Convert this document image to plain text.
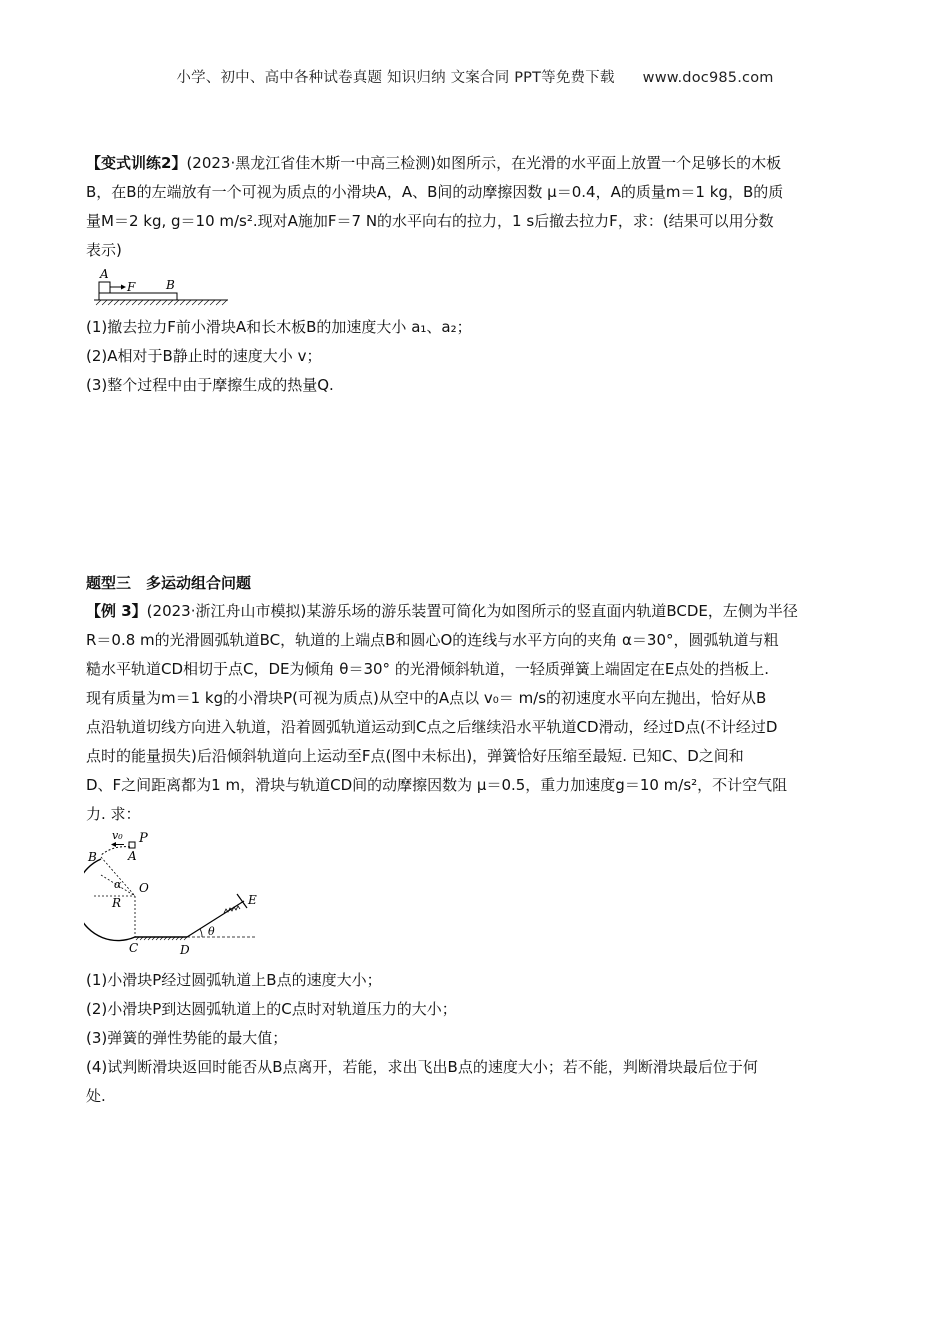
小学、初中、高中各种试卷真题 知识归纳 文案合同 PPT等免费下载 www.doc985.com
【变式训练2】(2023·黑龙江省佳木斯一中高三检测)如图所示，在光滑的水平面上放置一个足够长的木板
B，在B的左端放有一个可视为质点的小滑块A，A、B间的动摩擦因数 μ＝0.4，A的质量m＝1 kg，B的质
量M＝2 kg, g＝10 m/s².现对A施加F＝7 N的水平向右的拉力，1 s后撤去拉力F，求：(结果可以用分数
表示)
A
F	B
(1)撤去拉力F前小滑块A和长木板B的加速度大小 a₁、a₂；
(2)A相对于B静止时的速度大小 v；
(3)整个过程中由于摩擦生成的热量Q.
题型三　多运动组合问题
【例 3】(2023·浙江舟山市模拟)某游乐场的游乐装置可简化为如图所示的竖直面内轨道BCDE，左侧为半径
R＝0.8 m的光滑圆弧轨道BC，轨道的上端点B和圆心O的连线与水平方向的夹角 α＝30°，圆弧轨道与粗
糙水平轨道CD相切于点C，DE为倾角 θ＝30° 的光滑倾斜轨道，一轻质弹簧上端固定在E点处的挡板上.
现有质量为m＝1 kg的小滑块P(可视为质点)从空中的A点以 v₀＝ m/s的初速度水平向左抛出，恰好从B
点沿轨道切线方向进入轨道，沿着圆弧轨道运动到C点之后继续沿水平轨道CD滑动，经过D点(不计经过D
点时的能量损失)后沿倾斜轨道向上运动至F点(图中未标出)，弹簧恰好压缩至最短. 已知C、D之间和
D、F之间距离都为1 m，滑块与轨道CD间的动摩擦因数为 μ＝0.5，重力加速度g＝10 m/s²，不计空气阻
力. 求：
v₀ P
A
B
α O
R	E
θ
C	D
(1)小滑块P经过圆弧轨道上B点的速度大小；
(2)小滑块P到达圆弧轨道上的C点时对轨道压力的大小；
(3)弹簧的弹性势能的最大值；
(4)试判断滑块返回时能否从B点离开，若能，求出飞出B点的速度大小；若不能，判断滑块最后位于何
处.
